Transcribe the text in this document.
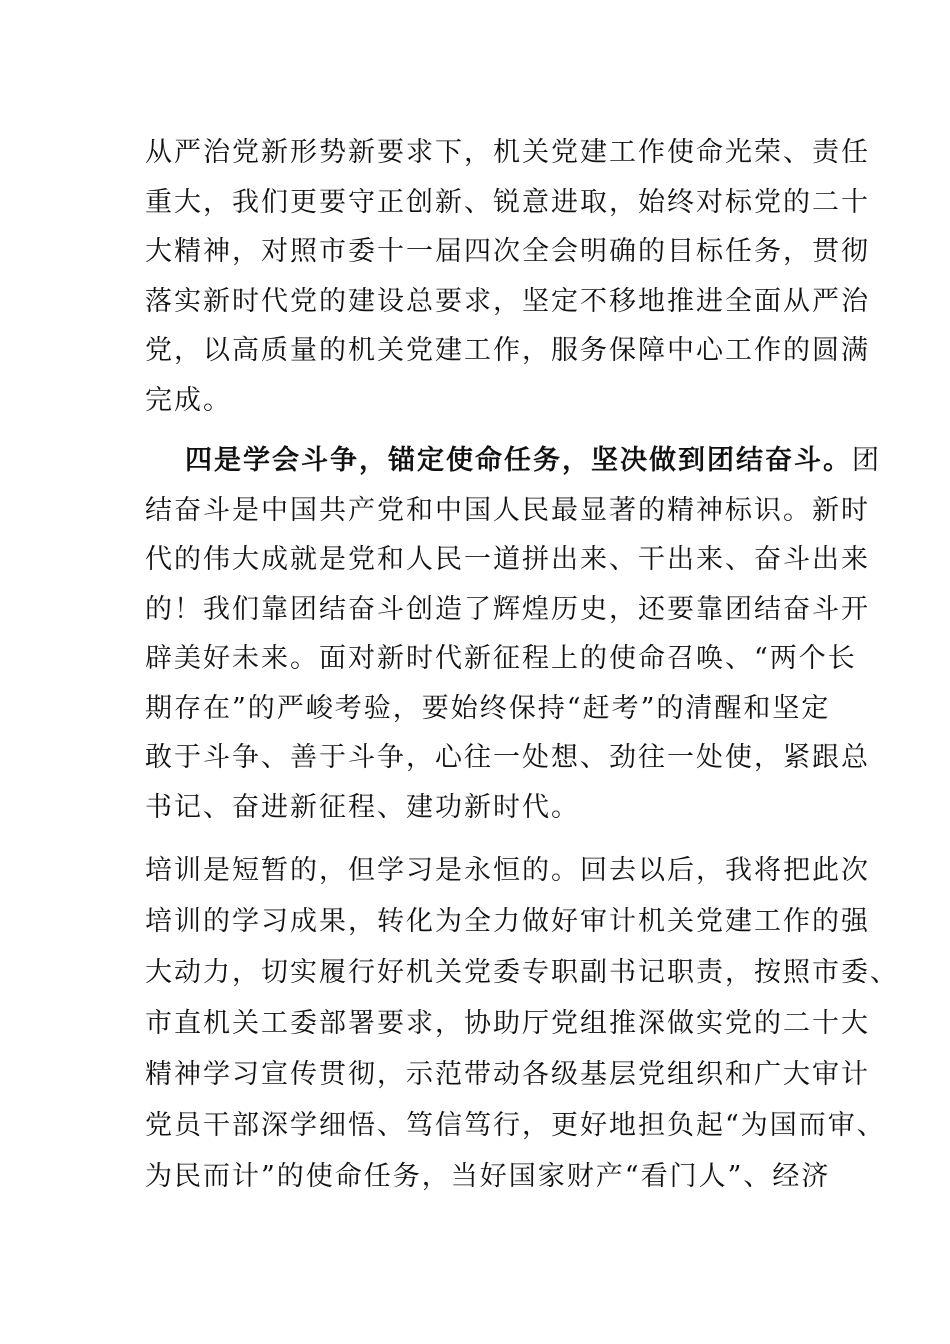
从严治党新形势新要求下，机关党建工作使命光荣、责任
重大，我们更要守正创新、锐意进取，始终对标党的二十
大精神，对照市委十一届四次全会明确的目标任务，贯彻
落实新时代党的建设总要求，坚定不移地推进全面从严治
党，以高质量的机关党建工作，服务保障中心工作的圆满
完成。
四是学会斗争，锚定使命任务，坚决做到团结奋斗。团
结奋斗是中国共产党和中国人民最显著的精神标识。新时
代的伟大成就是党和人民一道拼出来、干出来、奋斗出来
的！我们靠团结奋斗创造了辉煌历史，还要靠团结奋斗开
辟美好未来。面对新时代新征程上的使命召唤、“两个长
期存在”的严峻考验，要始终保持“赶考”的清醒和坚定
敢于斗争、善于斗争，心往一处想、劲往一处使，紧跟总
书记、奋进新征程、建功新时代。
培训是短暂的，但学习是永恒的。回去以后，我将把此次
培训的学习成果，转化为全力做好审计机关党建工作的强
大动力，切实履行好机关党委专职副书记职责，按照市委、
市直机关工委部署要求，协助厅党组推深做实党的二十大
精神学习宣传贯彻，示范带动各级基层党组织和广大审计
党员干部深学细悟、笃信笃行，更好地担负起“为国而审、
为民而计”的使命任务，当好国家财产“看门人”、经济
